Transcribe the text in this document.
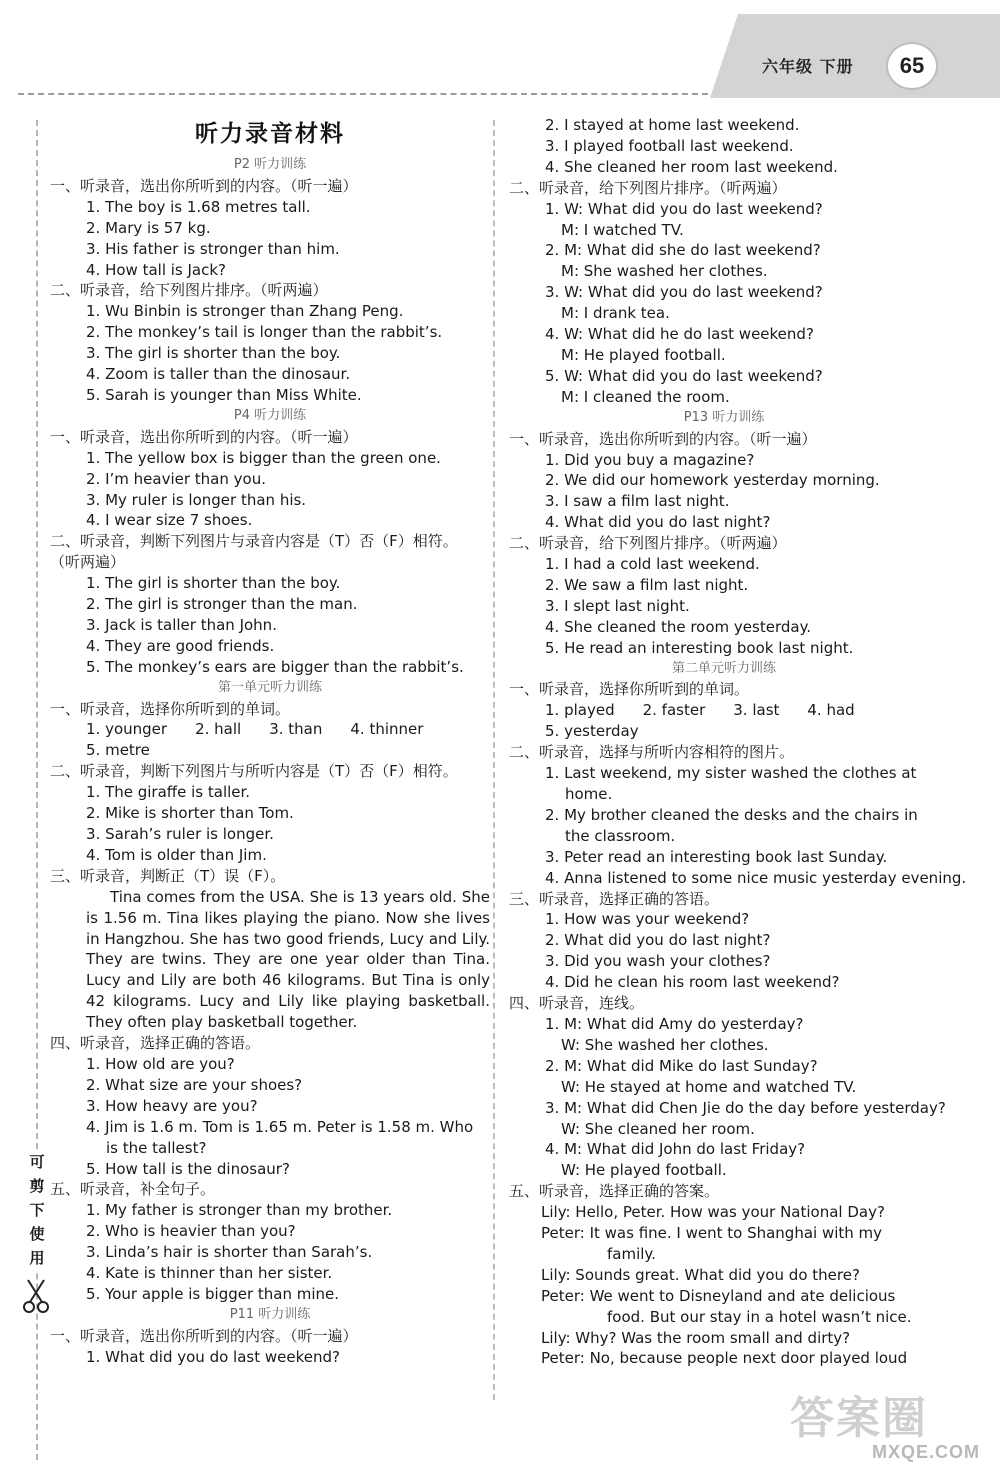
六年级 下册	65
可剪下使用
听力录音材料
P2 听力训练
一、听录音，选出你所听到的内容。（听一遍）
1. The boy is 1.68 metres tall.
2. Mary is 57 kg.
3. His father is stronger than him.
4. How tall is Jack?
二、听录音，给下列图片排序。（听两遍）
1. Wu Binbin is stronger than Zhang Peng.
2. The monkey’s tail is longer than the rabbit’s.
3. The girl is shorter than the boy.
4. Zoom is taller than the dinosaur.
5. Sarah is younger than Miss White.
P4 听力训练
一、听录音，选出你所听到的内容。（听一遍）
1. The yellow box is bigger than the green one.
2. I’m heavier than you.
3. My ruler is longer than his.
4. I wear size 7 shoes.
二、听录音，判断下列图片与录音内容是（T）否（F）相符。
（听两遍）
1. The girl is shorter than the boy.
2. The girl is stronger than the man.
3. Jack is taller than John.
4. They are good friends.
5. The monkey’s ears are bigger than the rabbit’s.
第一单元听力训练
一、听录音，选择你所听到的单词。
1. younger 2. hall 3. than 4. thinner
5. metre
二、听录音，判断下列图片与所听内容是（T）否（F）相符。
1. The giraffe is taller.
2. Mike is shorter than Tom.
3. Sarah’s ruler is longer.
4. Tom is older than Jim.
三、听录音，判断正（T）误（F）。
Tina comes from the USA. She is 13 years old. She is 1.56 m. Tina likes playing the piano. Now she lives in Hangzhou. She has two good friends, Lucy and Lily. They are twins. They are one year older than Tina. Lucy and Lily are both 46 kilograms. But Tina is only 42 kilograms. Lucy and Lily like playing basketball. They often play basketball together.
四、听录音，选择正确的答语。
1. How old are you?
2. What size are your shoes?
3. How heavy are you?
4. Jim is 1.6 m. Tom is 1.65 m. Peter is 1.58 m. Who
is the tallest?
5. How tall is the dinosaur?
五、听录音，补全句子。
1. My father is stronger than my brother.
2. Who is heavier than you?
3. Linda’s hair is shorter than Sarah’s.
4. Kate is thinner than her sister.
5. Your apple is bigger than mine.
P11 听力训练
一、听录音，选出你所听到的内容。（听一遍）
1. What did you do last weekend?
2. I stayed at home last weekend.
3. I played football last weekend.
4. She cleaned her room last weekend.
二、听录音，给下列图片排序。（听两遍）
1. W: What did you do last weekend?
M: I watched TV.
2. M: What did she do last weekend?
M: She washed her clothes.
3. W: What did you do last weekend?
M: I drank tea.
4. W: What did he do last weekend?
M: He played football.
5. W: What did you do last weekend?
M: I cleaned the room.
P13 听力训练
一、听录音，选出你所听到的内容。（听一遍）
1. Did you buy a magazine?
2. We did our homework yesterday morning.
3. I saw a film last night.
4. What did you do last night?
二、听录音，给下列图片排序。（听两遍）
1. I had a cold last weekend.
2. We saw a film last night.
3. I slept last night.
4. She cleaned the room yesterday.
5. He read an interesting book last night.
第二单元听力训练
一、听录音，选择你所听到的单词。
1. played 2. faster 3. last 4. had
5. yesterday
二、听录音，选择与所听内容相符的图片。
1. Last weekend, my sister washed the clothes at
home.
2. My brother cleaned the desks and the chairs in
the classroom.
3. Peter read an interesting book last Sunday.
4. Anna listened to some nice music yesterday evening.
三、听录音，选择正确的答语。
1. How was your weekend?
2. What did you do last night?
3. Did you wash your clothes?
4. Did he clean his room last weekend?
四、听录音，连线。
1. M: What did Amy do yesterday?
W: She washed her clothes.
2. M: What did Mike do last Sunday?
W: He stayed at home and watched TV.
3. M: What did Chen Jie do the day before yesterday?
W: She cleaned her room.
4. M: What did John do last Friday?
W: He played football.
五、听录音，选择正确的答案。
Lily: Hello, Peter. How was your National Day?
Peter: It was fine. I went to Shanghai with my
family.
Lily: Sounds great. What did you do there?
Peter: We went to Disneyland and ate delicious
food. But our stay in a hotel wasn’t nice.
Lily: Why? Was the room small and dirty?
Peter: No, because people next door played loud
答案圈
MXQE.COM
